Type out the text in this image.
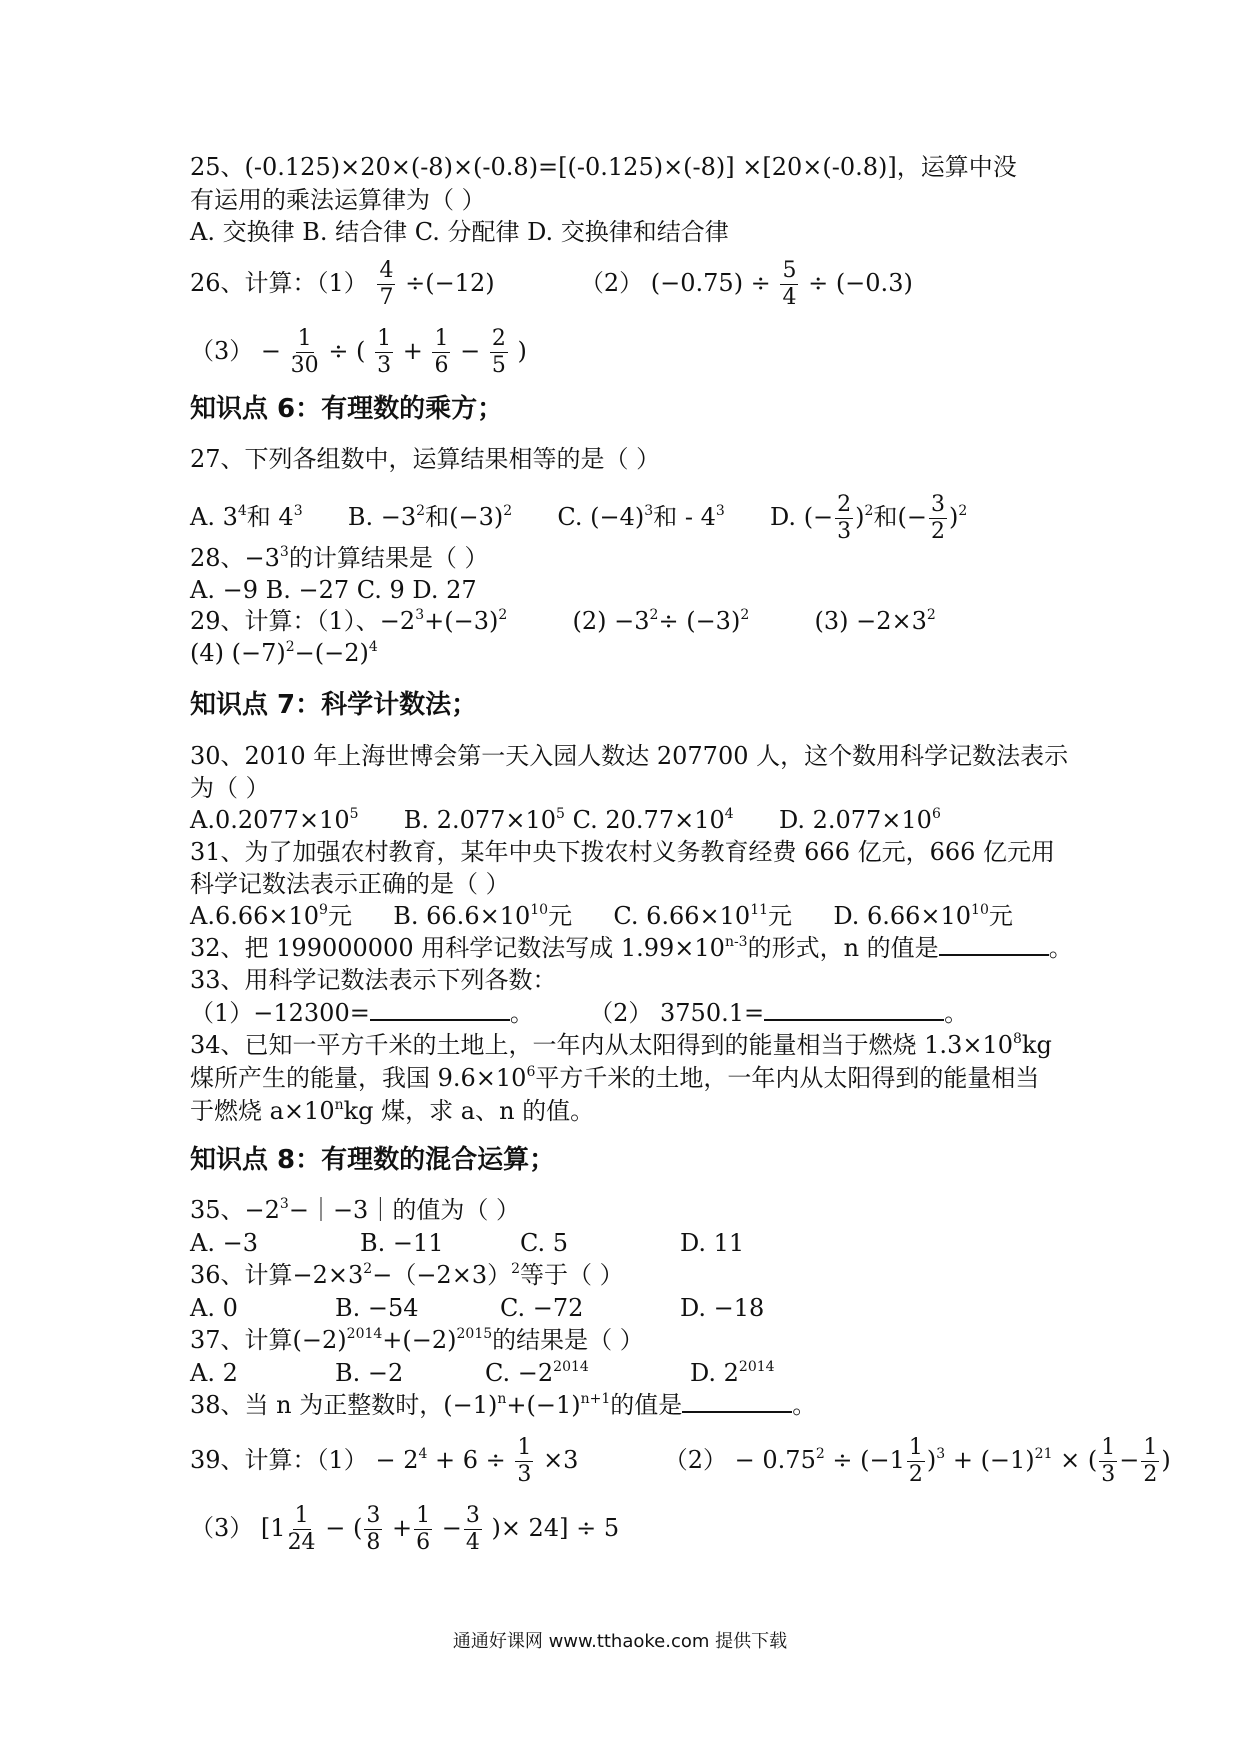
25、(-0.125)×20×(-8)×(-0.8)=[(-0.125)×(-8)] ×[20×(-0.8)]，运算中没
有运用的乘法运算律为（ ）
A. 交换律 B. 结合律 C. 分配律 D. 交换律和结合律
26、计算：$(1) \frac{4}{7} \div(-12)$	（2） $(-0.75) \div \frac{5}{4} \div (-0.3)$
$(3) - \frac{1}{30}$ ÷ ( $\frac{1}{3} + \frac{1}{6} - \frac{2}{5}$ )
知识点 6：有理数的乘方；
27、下列各组数中，运算结果相等的是（ ）
A. $3^4$和 $4^3$ B. $-3^2$和$(-3)^2$ C. $(-4)^3$和 - $4^3$ D. (− $\frac{2}{3} )^2$和(− $\frac{3}{2} )^2$
28、$-3^3$的计算结果是（ ）
A. −9 B. −27 C. 9 D. 27
29、计算：（1）、$-2^3+(-3)^2$	$(2) -3^2\div (-3)^2$	$(3) -2\times 3^2$
(4) $(-7)^2-(-2)^4$
知识点 7：科学计数法；
30、2010 年上海世博会第一天入园人数达 207700 人，这个数用科学记数法表示
为（ ）
$A.0.2077\times 10^5$ B. $2.077\times 10^5$ C. $20.77\times 10^4$ D. $2.077\times 10^6$
31、为了加强农村教育，某年中央下拨农村义务教育经费 666 亿元，666 亿元用
科学记数法表示正确的是（ ）
$A.6.66\times 10^9$元 B. $66.6\times 10^{10}$元 C. $6.66\times 10^{11}$元 D. $6.66\times 10^{10}$元
32、把 199000000 用科学记数法写成 $1.99\times 10^{n-3}$的形式，n 的值是	。
33、用科学记数法表示下列各数：
（1）−12300=	。 （2） 3750.1=	。
34、已知一平方千米的土地上，一年内从太阳得到的能量相当于燃烧 $1.3\times 10^8kg$
煤所产生的能量，我国 $9.6\times 10^6$平方千米的土地，一年内从太阳得到的能量相当
于燃烧 $a\times 10^nkg$ 煤，求 a、n 的值。
知识点 8：有理数的混合运算；
35、$-2^3-|-3|$的值为（ ）
A. −3	B. −11	C. 5	D. 11
36、计算$-2\times 3^2-(-2\times 3)^2$等于（ ）
A. 0	B. −54	C. −72	D. −18
37、计算$(-2)^{2014}+(-2)^{2015}$的结果是（ ）
A. 2	B. −2	C. $-2^{2014}$	D. $2^{2014}$
38、当 n 为正整数时，$(-1)^n+(-1)^{n+1}$的值是	。
39、计算：$(1) - 2^4 + 6 \div \frac{1}{3} \times 3$	$(2) - 0.75^2 \div (-1 \frac{1}{2} )^3 + (-1)^{21}$ × ( $\frac{1}{3} - \frac{1}{2}$ )
（3） [$1 \frac{1}{24}$ − ( $\frac{3}{8} + \frac{1}{6} - \frac{3}{4}$ )× 24] ÷ 5
通通好课网 www.tthaoke.com 提供下载
